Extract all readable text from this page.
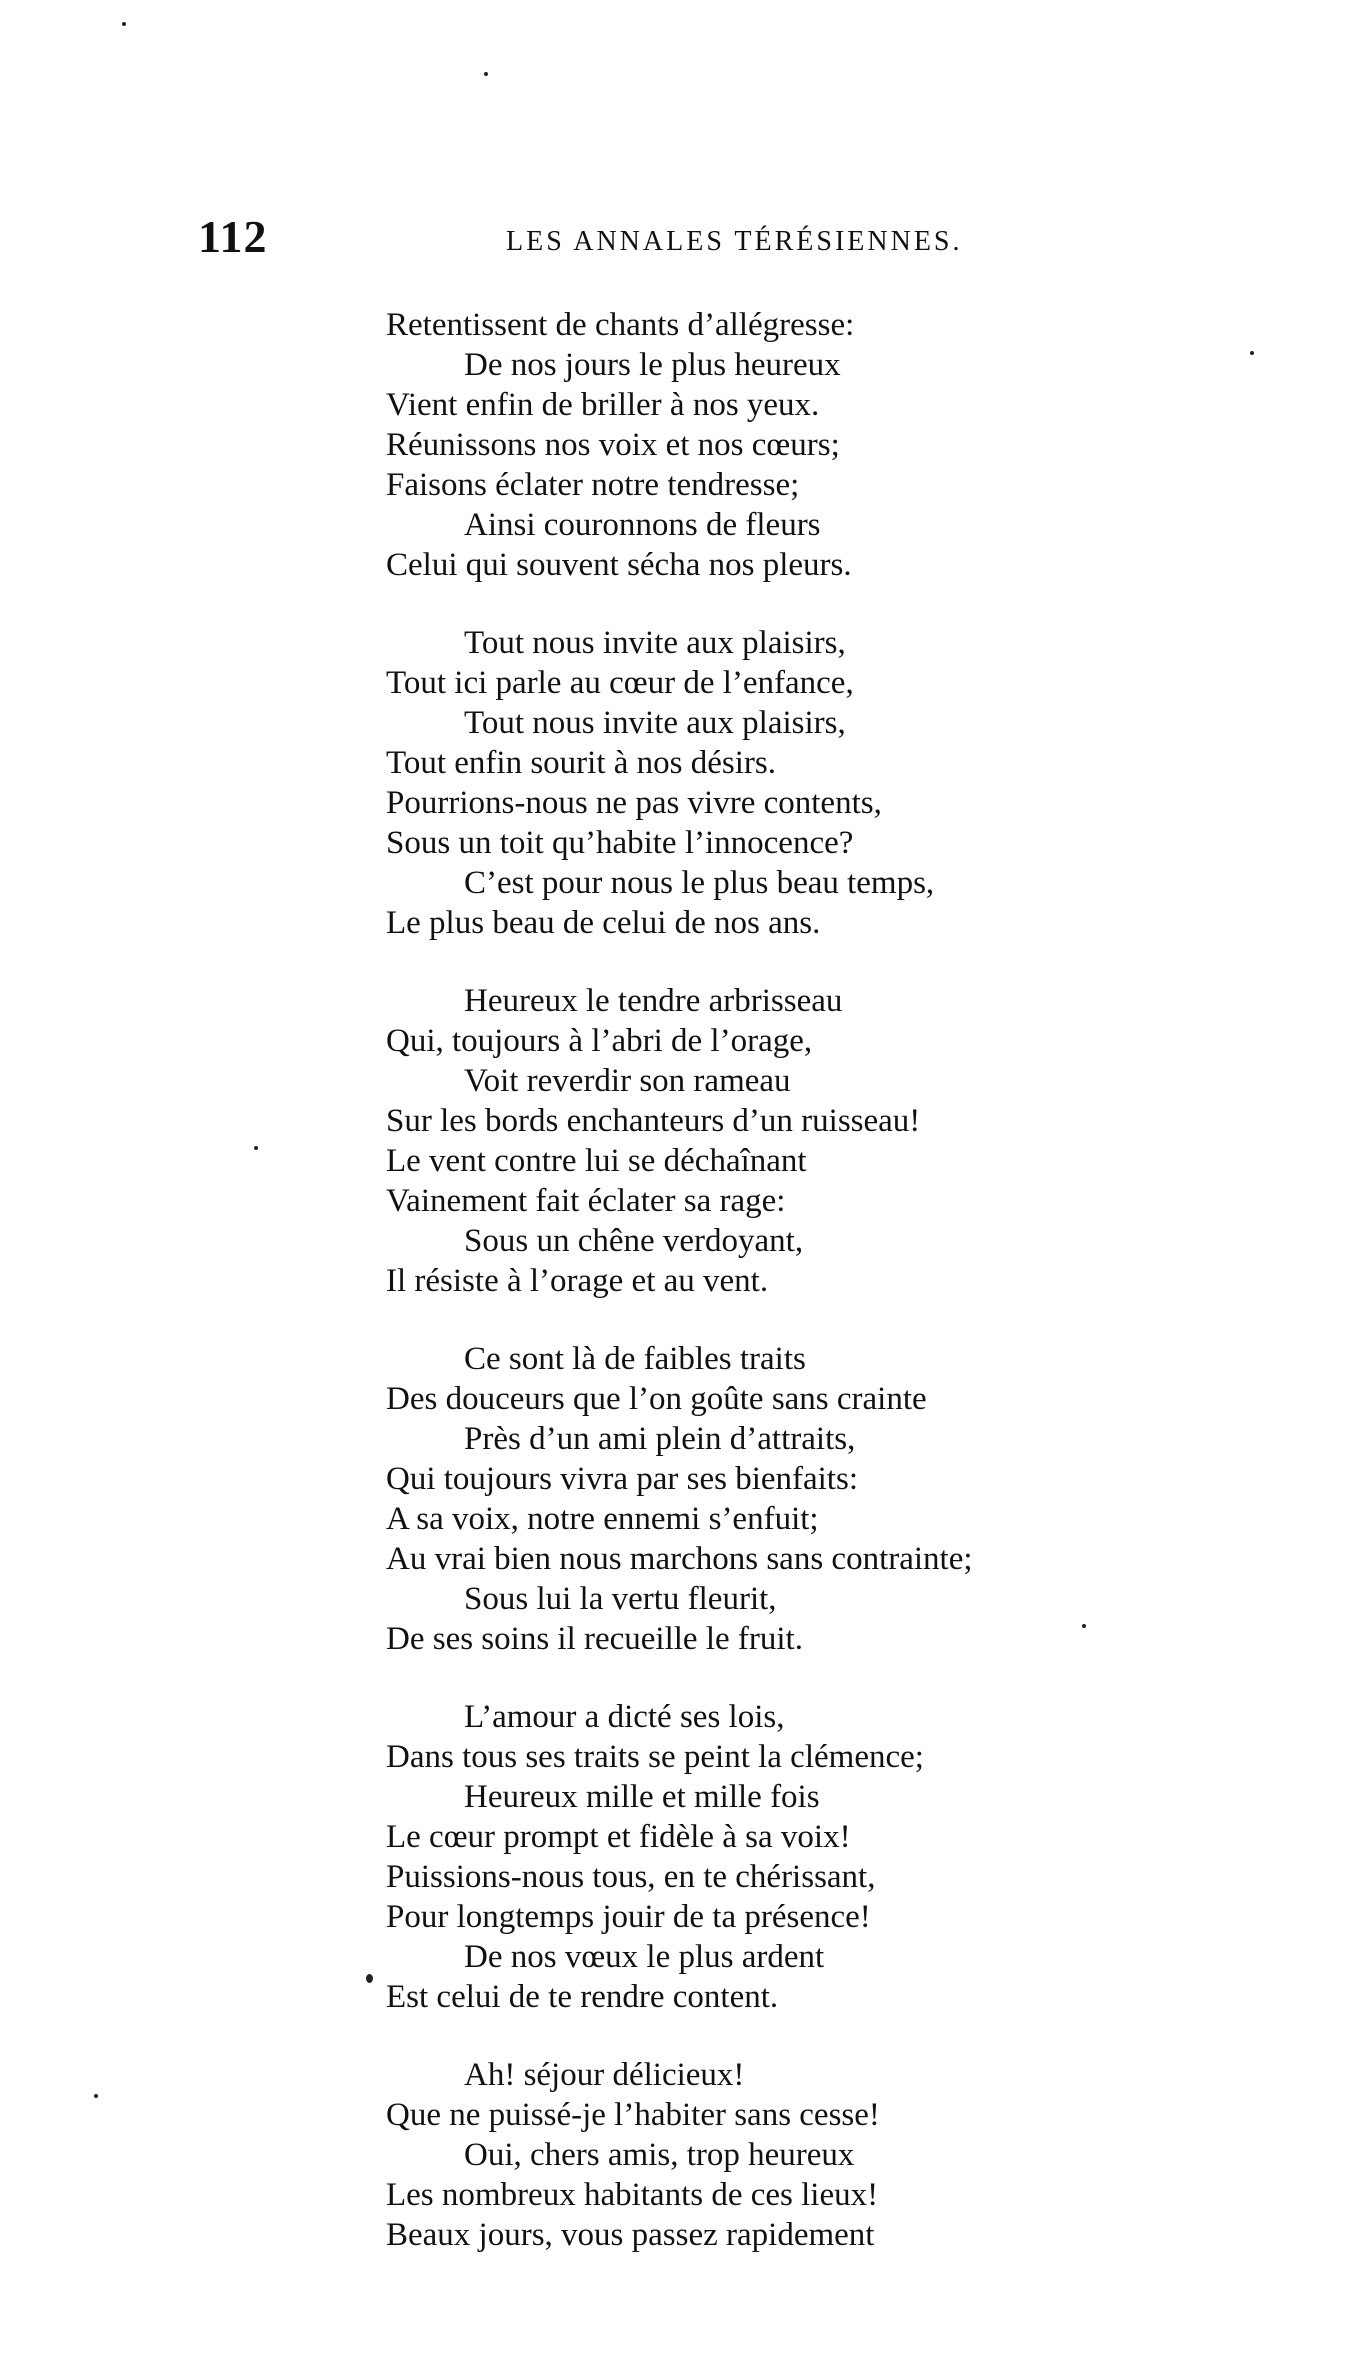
112	LES ANNALES TÉRÉSIENNES.
Retentissent de chants d’allégresse:
De nos jours le plus heureux
Vient enfin de briller à nos yeux.
Réunissons nos voix et nos cœurs;
Faisons éclater notre tendresse;
Ainsi couronnons de fleurs
Celui qui souvent sécha nos pleurs.
Tout nous invite aux plaisirs,
Tout ici parle au cœur de l’enfance,
Tout nous invite aux plaisirs,
Tout enfin sourit à nos désirs.
Pourrions-nous ne pas vivre contents,
Sous un toit qu’habite l’innocence?
C’est pour nous le plus beau temps,
Le plus beau de celui de nos ans.
Heureux le tendre arbrisseau
Qui, toujours à l’abri de l’orage,
Voit reverdir son rameau
Sur les bords enchanteurs d’un ruisseau!
Le vent contre lui se déchaînant
Vainement fait éclater sa rage:
Sous un chêne verdoyant,
Il résiste à l’orage et au vent.
Ce sont là de faibles traits
Des douceurs que l’on goûte sans crainte
Près d’un ami plein d’attraits,
Qui toujours vivra par ses bienfaits:
A sa voix, notre ennemi s’enfuit;
Au vrai bien nous marchons sans contrainte;
Sous lui la vertu fleurit,
De ses soins il recueille le fruit.
L’amour a dicté ses lois,
Dans tous ses traits se peint la clémence;
Heureux mille et mille fois
Le cœur prompt et fidèle à sa voix!
Puissions-nous tous, en te chérissant,
Pour longtemps jouir de ta présence!
De nos vœux le plus ardent
Est celui de te rendre content.
Ah! séjour délicieux!
Que ne puissé-je l’habiter sans cesse!
Oui, chers amis, trop heureux
Les nombreux habitants de ces lieux!
Beaux jours, vous passez rapidement
